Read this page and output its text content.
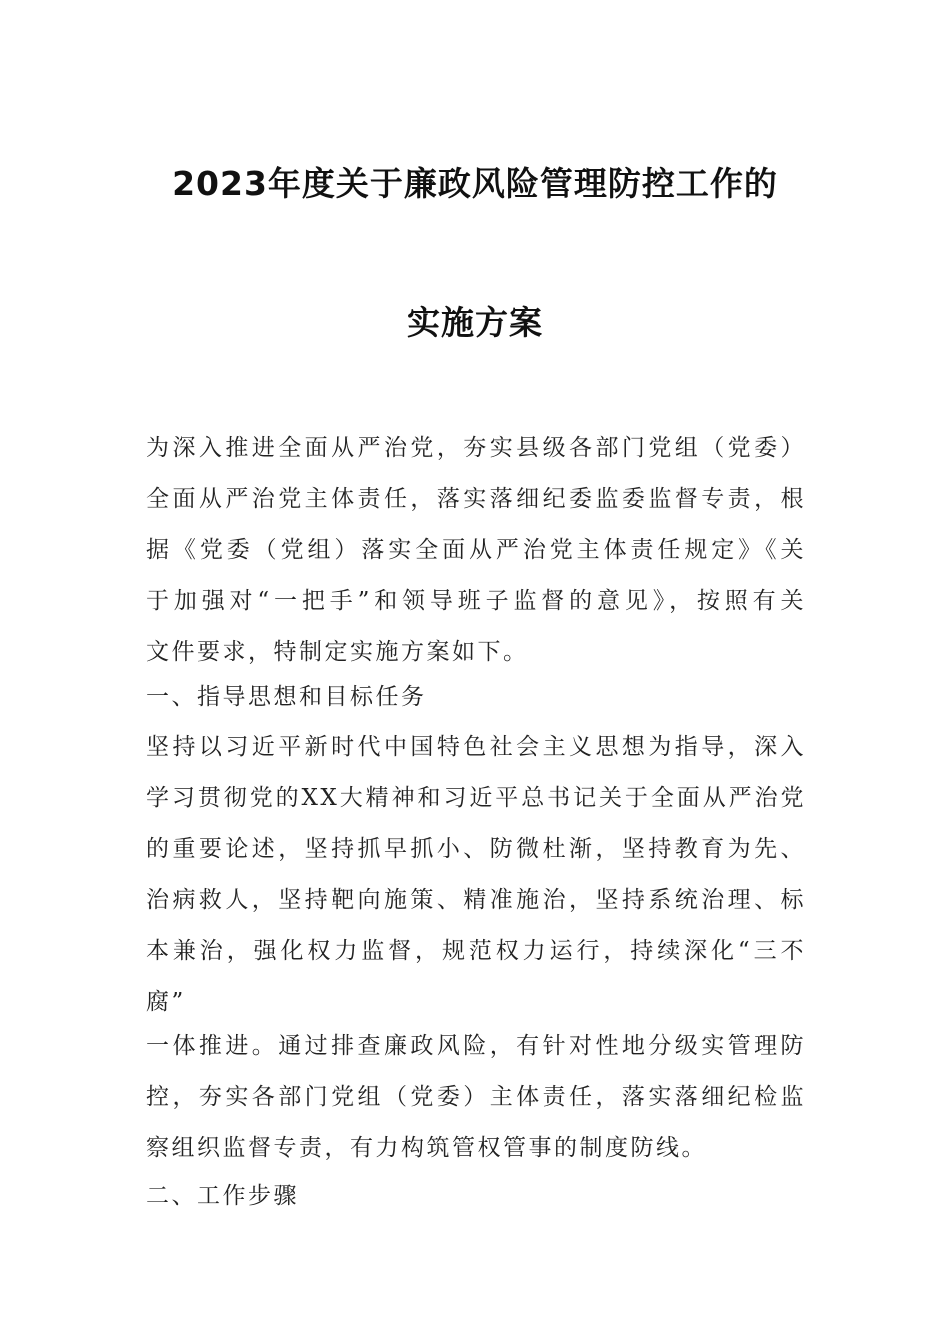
2023年度关于廉政风险管理防控工作的
实施方案
为深入推进全面从严治党，夯实县级各部门党组（党委）
全面从严治党主体责任，落实落细纪委监委监督专责，根
据《党委（党组）落实全面从严治党主体责任规定》《关
于加强对“一把手”和领导班子监督的意见》，按照有关
文件要求，特制定实施方案如下。
一、指导思想和目标任务
坚持以习近平新时代中国特色社会主义思想为指导，深入
学习贯彻党的XX大精神和习近平总书记关于全面从严治党
的重要论述，坚持抓早抓小、防微杜渐，坚持教育为先、
治病救人，坚持靶向施策、精准施治，坚持系统治理、标
本兼治，强化权力监督，规范权力运行，持续深化“三不
腐”
一体推进。通过排查廉政风险，有针对性地分级实管理防
控，夯实各部门党组（党委）主体责任，落实落细纪检监
察组织监督专责，有力构筑管权管事的制度防线。
二、工作步骤
